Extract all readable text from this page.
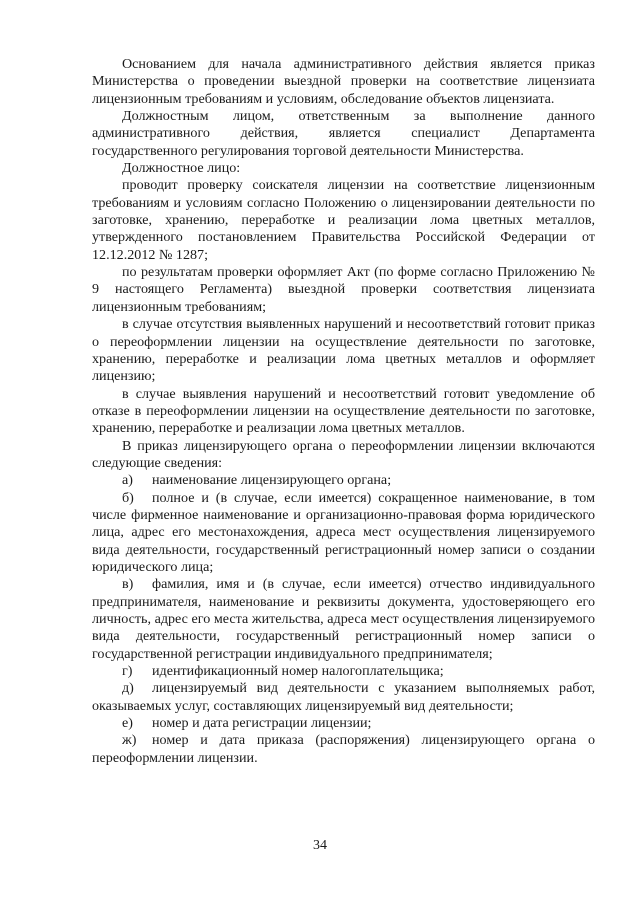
Основанием для начала административного действия является приказ Министерства о проведении выездной проверки на соответствие лицензиата лицензионным требованиям и условиям, обследование объектов лицензиата.

Должностным лицом, ответственным за выполнение данного административного действия, является специалист Департамента государственного регулирования торговой деятельности Министерства.

Должностное лицо:

проводит проверку соискателя лицензии на соответствие лицензионным требованиям и условиям согласно Положению о лицензировании деятельности по заготовке, хранению, переработке и реализации лома цветных металлов, утвержденного постановлением Правительства Российской Федерации от 12.12.2012 № 1287;

по результатам проверки оформляет Акт (по форме согласно Приложению № 9 настоящего Регламента) выездной проверки соответствия лицензиата лицензионным требованиям;

в случае отсутствия выявленных нарушений и несоответствий готовит приказ о переоформлении лицензии на осуществление деятельности по заготовке, хранению, переработке и реализации лома цветных металлов и оформляет лицензию;

в случае выявления нарушений и несоответствий готовит уведомление об отказе в переоформлении лицензии на осуществление деятельности по заготовке, хранению, переработке и реализации лома цветных металлов.

В приказ лицензирующего органа о переоформлении лицензии включаются следующие сведения:

а) наименование лицензирующего органа;

б) полное и (в случае, если имеется) сокращенное наименование, в том числе фирменное наименование и организационно-правовая форма юридического лица, адрес его местонахождения, адреса мест осуществления лицензируемого вида деятельности, государственный регистрационный номер записи о создании юридического лица;

в) фамилия, имя и (в случае, если имеется) отчество индивидуального предпринимателя, наименование и реквизиты документа, удостоверяющего его личность, адрес его места жительства, адреса мест осуществления лицензируемого вида деятельности, государственный регистрационный номер записи о государственной регистрации индивидуального предпринимателя;

г) идентификационный номер налогоплательщика;

д) лицензируемый вид деятельности с указанием выполняемых работ, оказываемых услуг, составляющих лицензируемый вид деятельности;

е) номер и дата регистрации лицензии;

ж) номер и дата приказа (распоряжения) лицензирующего органа о переоформлении лицензии.

34
